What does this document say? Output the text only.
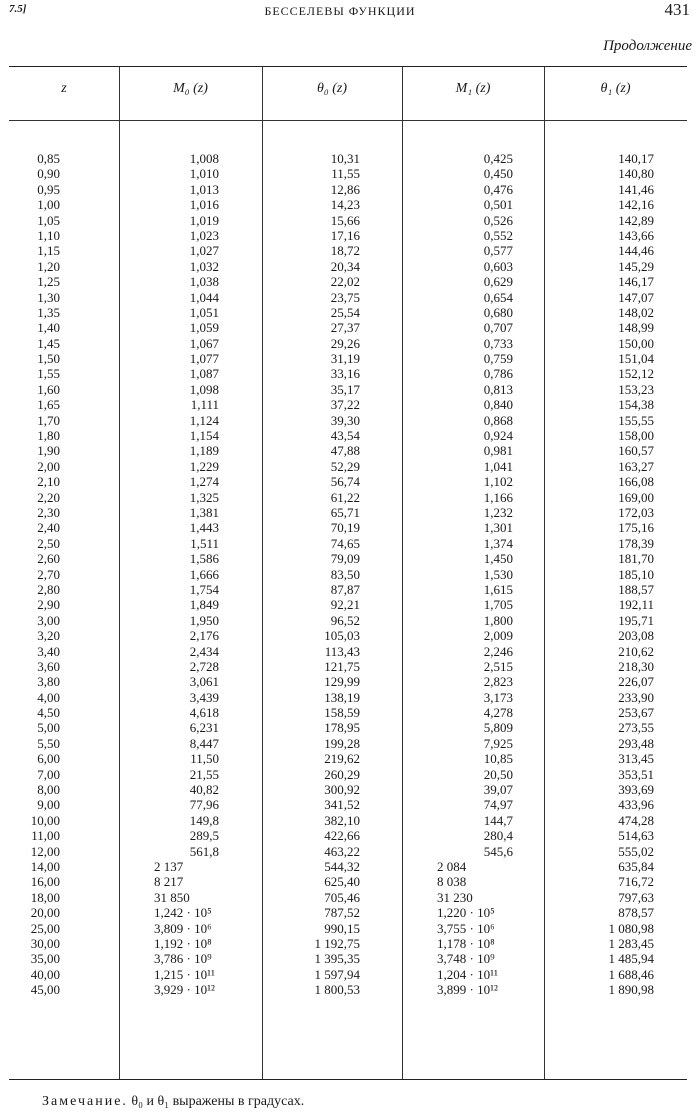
7.5]	БЕССЕЛЕВЫ ФУНКЦИИ	431
Продолжение
z	M₀ (z)	θ₀ (z)	M₁ (z)	θ₁ (z)
0,85	1,008	10,31	0,425	140,17
0,90	1,010	11,55	0,450	140,80
0,95	1,013	12,86	0,476	141,46
1,00	1,016	14,23	0,501	142,16
1,05	1,019	15,66	0,526	142,89
1,10	1,023	17,16	0,552	143,66
1,15	1,027	18,72	0,577	144,46
1,20	1,032	20,34	0,603	145,29
1,25	1,038	22,02	0,629	146,17
1,30	1,044	23,75	0,654	147,07
1,35	1,051	25,54	0,680	148,02
1,40	1,059	27,37	0,707	148,99
1,45	1,067	29,26	0,733	150,00
1,50	1,077	31,19	0,759	151,04
1,55	1,087	33,16	0,786	152,12
1,60	1,098	35,17	0,813	153,23
1,65	1,111	37,22	0,840	154,38
1,70	1,124	39,30	0,868	155,55
1,80	1,154	43,54	0,924	158,00
1,90	1,189	47,88	0,981	160,57
2,00	1,229	52,29	1,041	163,27
2,10	1,274	56,74	1,102	166,08
2,20	1,325	61,22	1,166	169,00
2,30	1,381	65,71	1,232	172,03
2,40	1,443	70,19	1,301	175,16
2,50	1,511	74,65	1,374	178,39
2,60	1,586	79,09	1,450	181,70
2,70	1,666	83,50	1,530	185,10
2,80	1,754	87,87	1,615	188,57
2,90	1,849	92,21	1,705	192,11
3,00	1,950	96,52	1,800	195,71
3,20	2,176	105,03	2,009	203,08
3,40	2,434	113,43	2,246	210,62
3,60	2,728	121,75	2,515	218,30
3,80	3,061	129,99	2,823	226,07
4,00	3,439	138,19	3,173	233,90
4,50	4,618	158,59	4,278	253,67
5,00	6,231	178,95	5,809	273,55
5,50	8,447	199,28	7,925	293,48
6,00	11,50	219,62	10,85	313,45
7,00	21,55	260,29	20,50	353,51
8,00	40,82	300,92	39,07	393,69
9,00	77,96	341,52	74,97	433,96
10,00	149,8	382,10	144,7	474,28
11,00	289,5	422,66	280,4	514,63
12,00	561,8	463,22	545,6	555,02
14,00	2 137	544,32	2 084	635,84
16,00	8 217	625,40	8 038	716,72
18,00	31 850	705,46	31 230	797,63
20,00	1,242 · 10⁵	787,52	1,220 · 10⁵	878,57
25,00	3,809 · 10⁶	990,15	3,755 · 10⁶	1 080,98
30,00	1,192 · 10⁸	1 192,75	1,178 · 10⁸	1 283,45
35,00	3,786 · 10⁹	1 395,35	3,748 · 10⁹	1 485,94
40,00	1,215 · 10¹¹	1 597,94	1,204 · 10¹¹	1 688,46
45,00	3,929 · 10¹²	1 800,53	3,899 · 10¹²	1 890,98
Замечание. θ₀ и θ₁ выражены в градусах.
